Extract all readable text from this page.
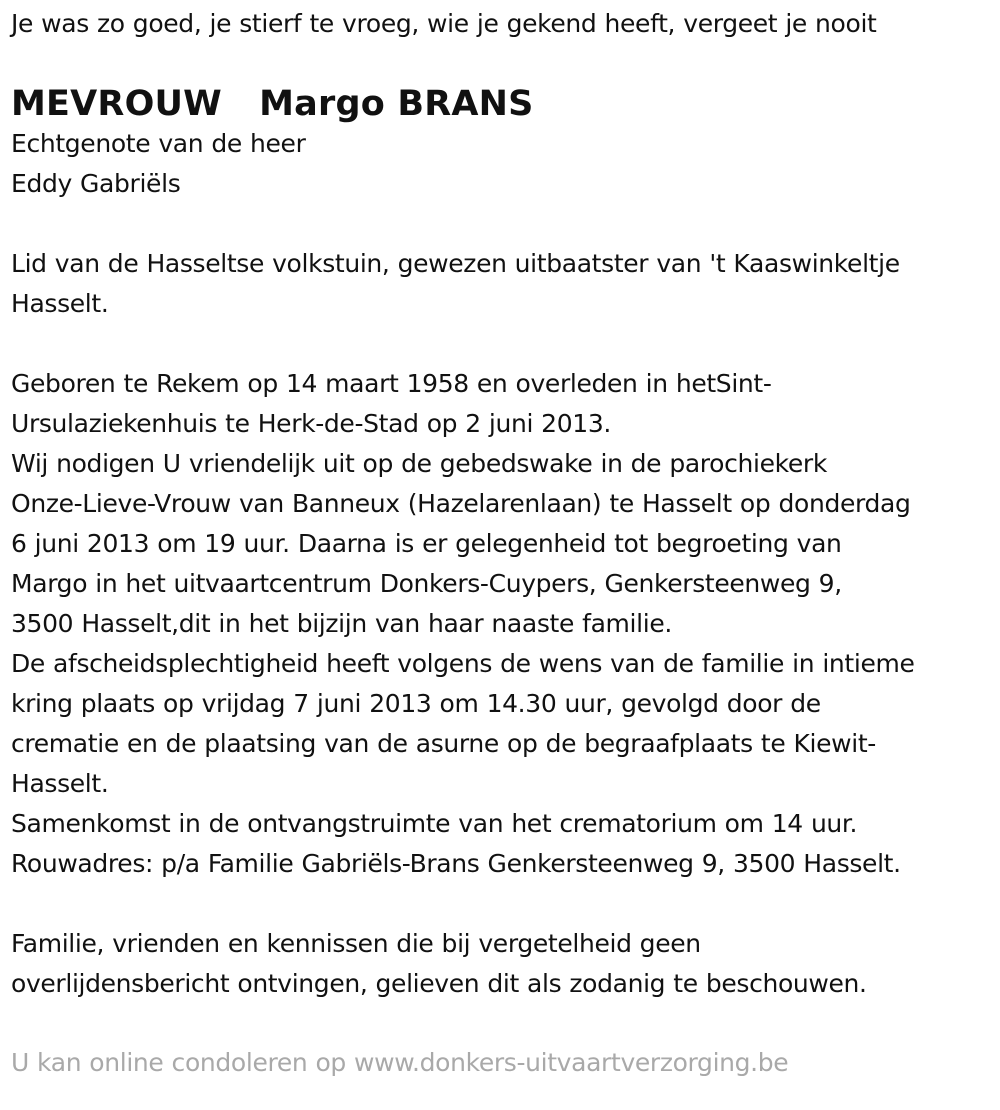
Je was zo goed, je stierf te vroeg, wie je gekend heeft, vergeet je nooit
MEVROUW Margo BRANS
Echtgenote van de heer
Eddy Gabriëls
Lid van de Hasseltse volkstuin, gewezen uitbaatster van 't Kaaswinkeltje
Hasselt.
Geboren te Rekem op 14 maart 1958 en overleden in hetSint-
Ursulaziekenhuis te Herk-de-Stad op 2 juni 2013.
Wij nodigen U vriendelijk uit op de gebedswake in de parochiekerk
Onze-Lieve-Vrouw van Banneux (Hazelarenlaan) te Hasselt op donderdag
6 juni 2013 om 19 uur. Daarna is er gelegenheid tot begroeting van
Margo in het uitvaartcentrum Donkers-Cuypers, Genkersteenweg 9,
3500 Hasselt,dit in het bijzijn van haar naaste familie.
De afscheidsplechtigheid heeft volgens de wens van de familie in intieme
kring plaats op vrijdag 7 juni 2013 om 14.30 uur, gevolgd door de
crematie en de plaatsing van de asurne op de begraafplaats te Kiewit-
Hasselt.
Samenkomst in de ontvangstruimte van het crematorium om 14 uur.
Rouwadres: p/a Familie Gabriëls-Brans Genkersteenweg 9, 3500 Hasselt.
Familie, vrienden en kennissen die bij vergetelheid geen
overlijdensbericht ontvingen, gelieven dit als zodanig te beschouwen.
U kan online condoleren op www.donkers-uitvaartverzorging.be
